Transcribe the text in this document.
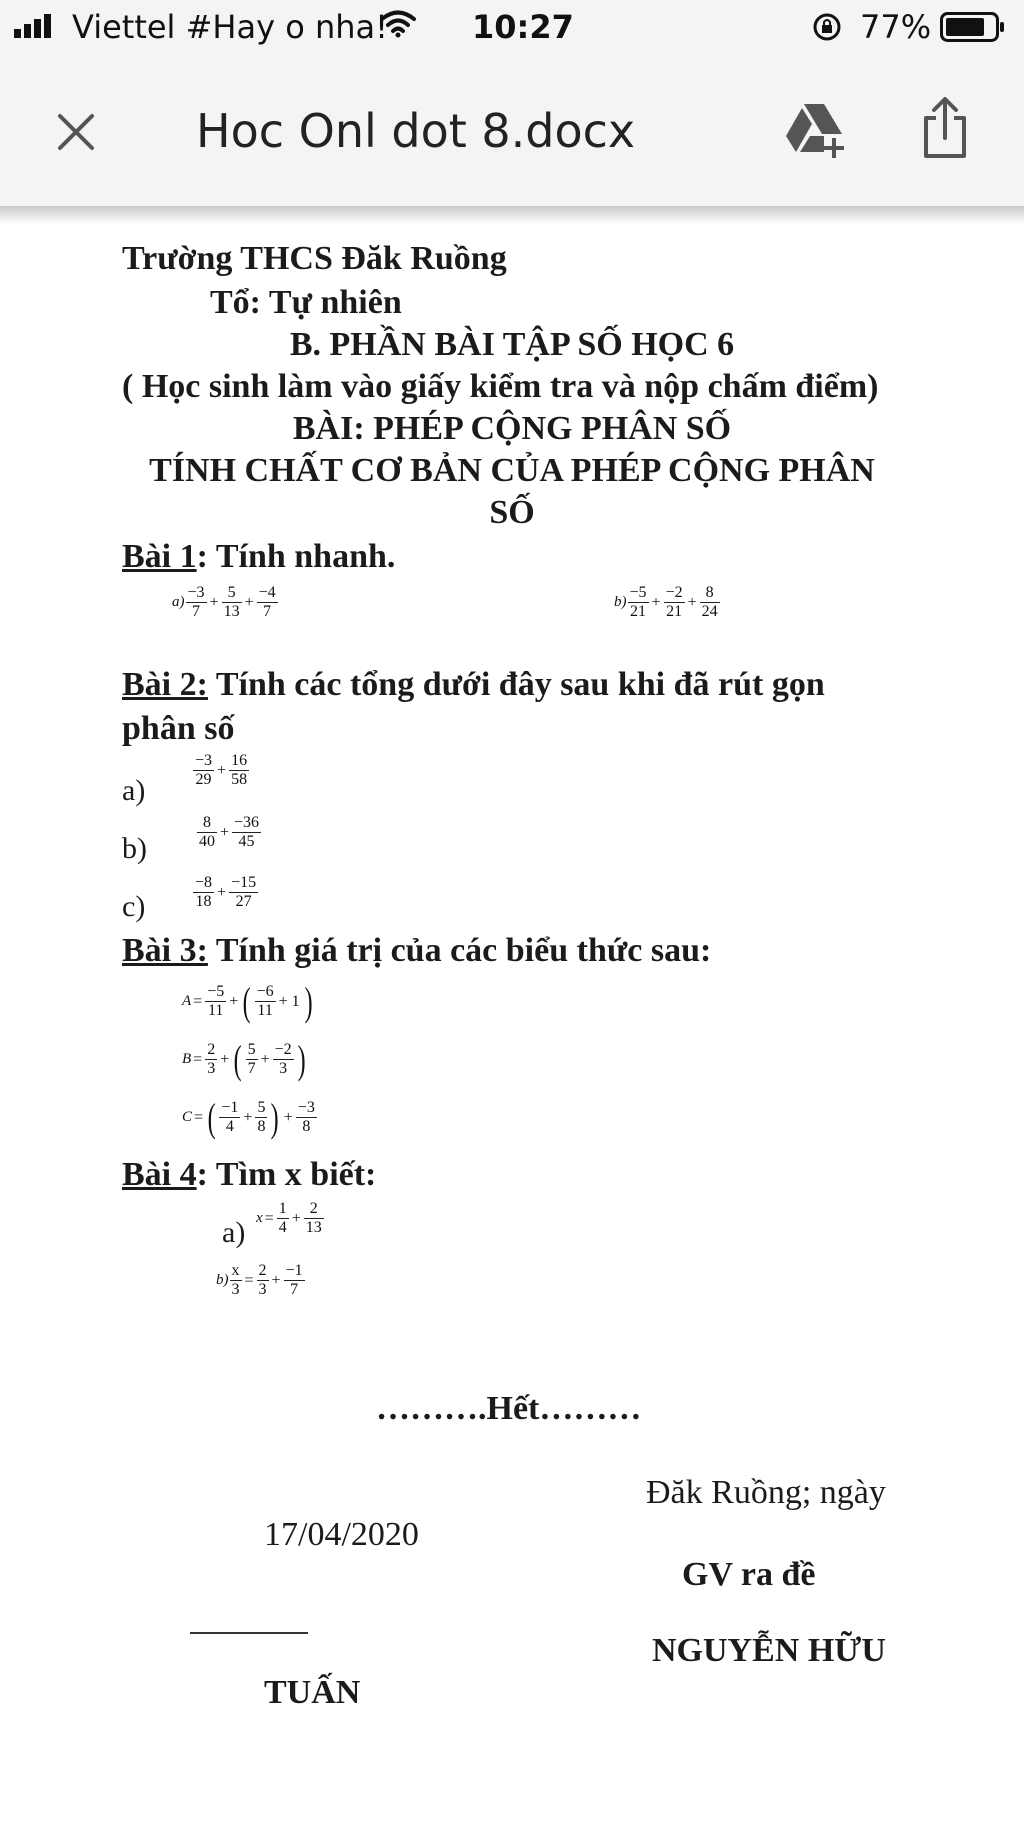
Viettel #Hay o nha!	10:27	77%
Hoc Onl dot 8.docx
Trường THCS Đăk Ruồng
Tổ: Tự nhiên
B. PHẦN BÀI TẬP SỐ HỌC 6
( Học sinh làm vào giấy kiểm tra và nộp chấm điểm)
BÀI: PHÉP CỘNG PHÂN SỐ
TÍNH CHẤT CƠ BẢN CỦA PHÉP CỘNG PHÂN
SỐ
Bài 1: Tính nhanh.
$a) \frac{-3}{7} + \frac{5}{13} + \frac{-4}{7}$	$b) \frac{-5}{21} + \frac{-2}{21} + \frac{8}{24}$
Bài 2: Tính các tổng dưới đây sau khi đã rút gọn
phân số
a)
$\frac{-3}{29} + \frac{16}{58}$
b)	$\frac{8}{40} + \frac{-36}{45}$
c)	$\frac{-8}{18} + \frac{-15}{27}$
Bài 3: Tính giá trị của các biểu thức sau:
$A = \frac{-5}{11}$ + ( $\frac{-6}{11} + 1$ )
$B = \frac{2}{3}$ + ( $\frac{5}{7} + \frac{-2}{3}$ )
C = ( $\frac{-1}{4} + \frac{5}{8}$ ) + $\frac{-3}{8}$
Bài 4: Tìm x biết:
a) $x = \frac{1}{4} + \frac{2}{13}$
$b) \frac{x}{3} = \frac{2}{3} + \frac{-1}{7}$
……….Hết………
Đăk Ruồng; ngày
17/04/2020
GV ra đề
NGUYỄN HỮU
TUẤN
